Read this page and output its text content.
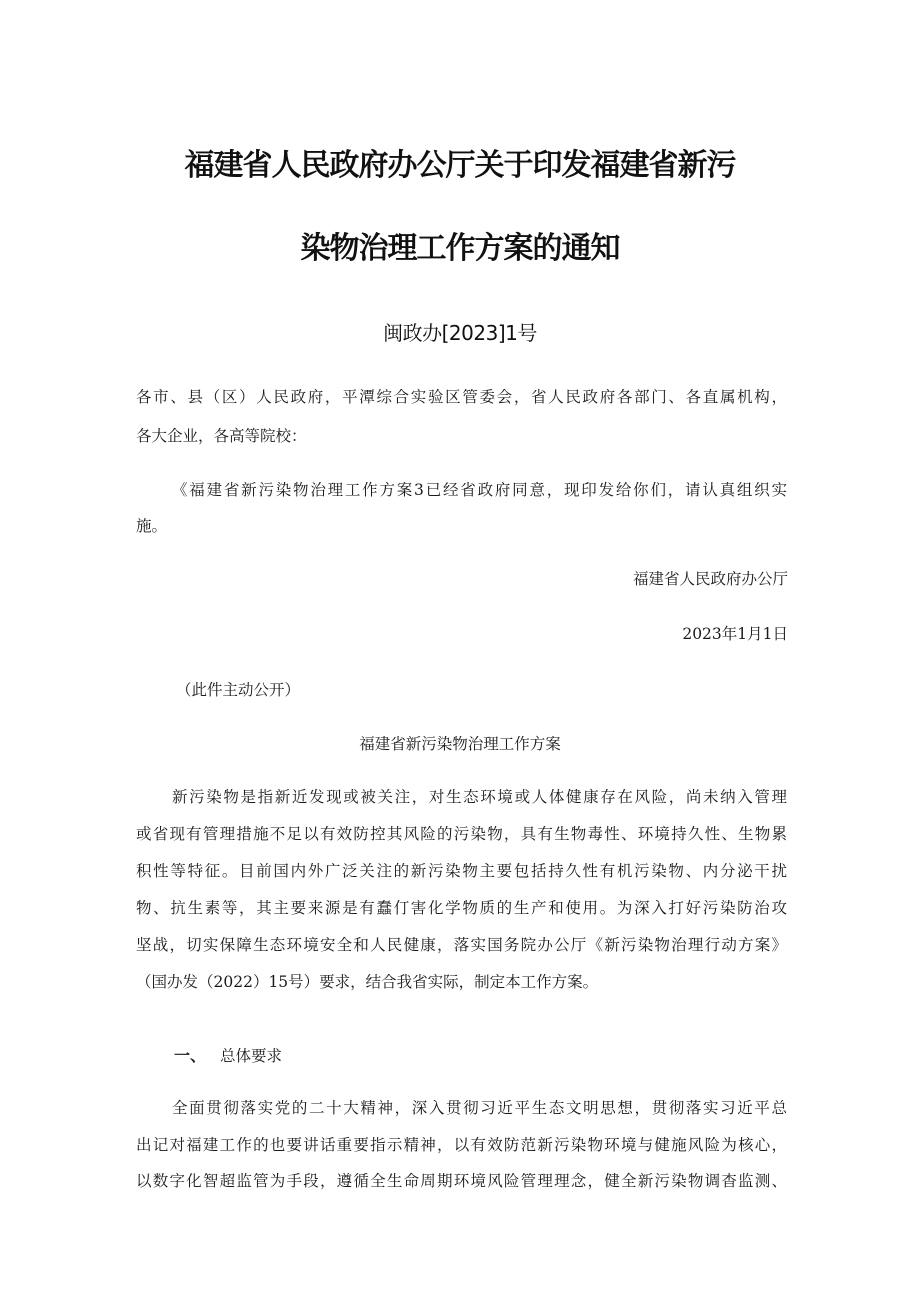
福建省人民政府办公厅关于印发福建省新污
染物治理工作方案的通知
闽政办[2023]1号
各市、县（区）人民政府，平潭综合实验区管委会，省人民政府各部门、各直属机构，
各大企业，各高等院校：
《福建省新污染物治理工作方案3已经省政府同意，现印发给你们，请认真组织实
施。
福建省人民政府办公厅
2023年1月1日
（此件主动公开）
福建省新污染物治理工作方案
新污染物是指新近发现或被关注，对生态环境或人体健康存在风险，尚未纳入管理
或省现有管理措施不足以有效防控其风险的污染物，具有生物毒性、环境持久性、生物累
积性等特征。目前国内外广泛关注的新污染物主要包括持久性有机污染物、内分泌干扰
物、抗生素等，其主要来源是有蠢仃害化学物质的生产和使用。为深入打好污染防治攻
坚战，切实保障生态环境安全和人民健康，落实国务院办公厅《新污染物治理行动方案》
（国办发（2022）15号）要求，结合我省实际，制定本工作方案。
一、 总体要求
全面贯彻落实党的二十大精神，深入贯彻习近平生态文明思想，贯彻落实习近平总
出记对福建工作的也要讲话重要指示精神，以有效防范新污染物环境与健施风险为核心，
以数字化智超监管为手段，遵循全生命周期环境风险管理理念，健全新污染物调杳监测、
